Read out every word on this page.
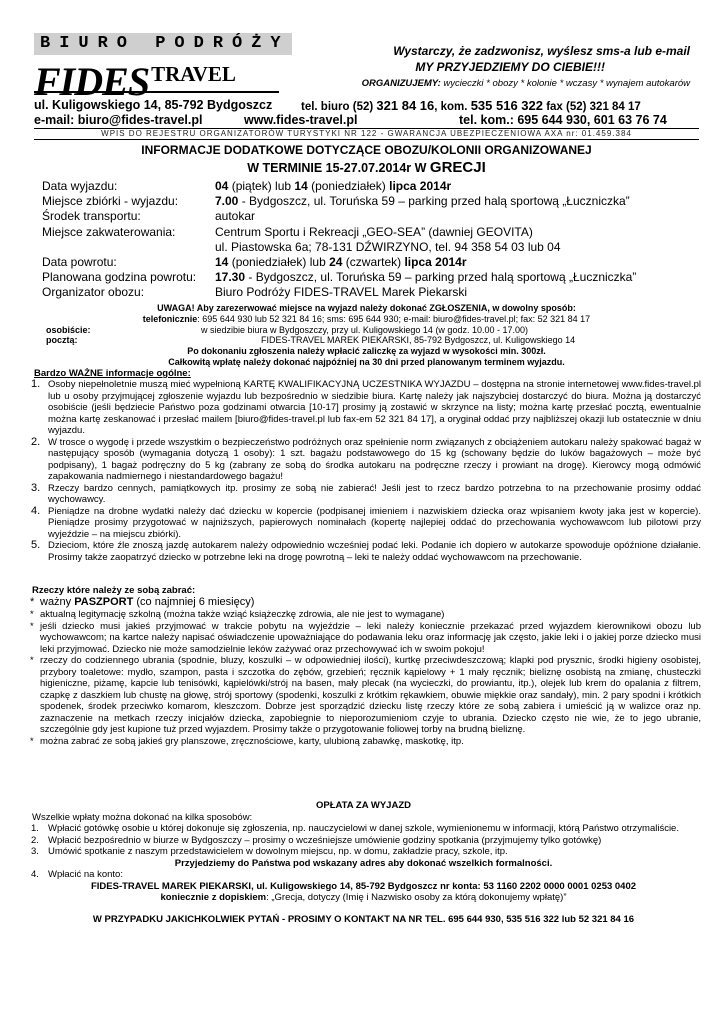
BIURO PODRÓŻY
FIDESTRAVEL
Wystarczy, że zadzwonisz, wyślesz sms-a lub e-mail
MY PRZYJEDZIEMY DO CIEBIE!!!
ORGANIZUJEMY: wycieczki * obozy * kolonie * wczasy * wynajem autokarów
ul. Kuligowskiego 14, 85-792 Bydgoszcz tel. biuro (52) 321 84 16, kom. 535 516 322 fax (52) 321 84 17
e-mail: biuro@fides-travel.pl	www.fides-travel.pl	tel. kom.: 695 644 930, 601 63 76 74
WPIS DO REJESTRU ORGANIZATORÓW TURYSTYKI NR 122 - GWARANCJA UBEZPIECZENIOWA AXA nr: 01.459.384
INFORMACJE DODATKOWE DOTYCZĄCE OBOZU/KOLONII ORGANIZOWANEJ
W TERMINIE 15-27.07.2014r W GRECJI
Data wyjazdu:	04 (piątek) lub 14 (poniedziałek) lipca 2014r
Miejsce zbiórki - wyjazdu:	7.00 - Bydgoszcz, ul. Toruńska 59 – parking przed halą sportową „Łuczniczka”
Środek transportu:	autokar
Miejsce zakwaterowania:	Centrum Sportu i Rekreacji „GEO-SEA” (dawniej GEOVITA)
ul. Piastowska 6a; 78-131 DŹWIRZYNO, tel. 94 358 54 03 lub 04
Data powrotu:	14 (poniedziałek) lub 24 (czwartek) lipca 2014r
Planowana godzina powrotu:	17.30 - Bydgoszcz, ul. Toruńska 59 – parking przed halą sportową „Łuczniczka”
Organizator obozu:	Biuro Podróży FIDES-TRAVEL Marek Piekarski
UWAGA! Aby zarezerwować miejsce na wyjazd należy dokonać ZGŁOSZENIA, w dowolny sposób:
telefonicznie: 695 644 930 lub 52 321 84 16; sms: 695 644 930; e-mail: biuro@fides-travel.pl; fax: 52 321 84 17
osobiście:	w siedzibie biura w Bydgoszczy, przy ul. Kuligowskiego 14 (w godz. 10.00 - 17.00)
pocztą:	FIDES-TRAVEL MAREK PIEKARSKI, 85-792 Bydgoszcz, ul. Kuligowskiego 14
Po dokonaniu zgłoszenia należy wpłacić zaliczkę za wyjazd w wysokości min. 300zł.
Całkowitą wpłatę należy dokonać najpóźniej na 30 dni przed planowanym terminem wyjazdu.
Bardzo WAŻNE informacje ogólne:
1. Osoby niepełnoletnie muszą mieć wypełnioną KARTĘ KWALIFIKACYJNĄ UCZESTNIKA WYJAZDU – dostępna na stronie internetowej www.fides-travel.pl lub u osoby przyjmującej zgłoszenie wyjazdu lub bezpośrednio w siedzibie biura. Kartę należy jak najszybciej dostarczyć do biura. Można ją dostarczyć osobiście (jeśli będziecie Państwo poza godzinami otwarcia [10-17] prosimy ją zostawić w skrzynce na listy; można kartę przesłać pocztą, ewentualnie można kartę zeskanować i przesłać mailem [biuro@fides-travel.pl lub fax-em 52 321 84 17], a oryginał oddać przy najbliższej okazji lub ostatecznie w dniu wyjazdu.
2. W trosce o wygodę i przede wszystkim o bezpieczeństwo podróżnych oraz spełnienie norm związanych z obciążeniem autokaru należy spakować bagaż w następujący sposób (wymagania dotyczą 1 osoby): 1 szt. bagażu podstawowego do 15 kg (schowany będzie do luków bagażowych – może być podpisany), 1 bagaż podręczny do 5 kg (zabrany ze sobą do środka autokaru na podręczne rzeczy i prowiant na drogę). Kierowcy mogą odmówić zapakowania nadmiernego i niestandardowego bagażu!
3. Rzeczy bardzo cennych, pamiątkowych itp. prosimy ze sobą nie zabierać! Jeśli jest to rzecz bardzo potrzebna to na przechowanie prosimy oddać wychowawcy.
4. Pieniądze na drobne wydatki należy dać dziecku w kopercie (podpisanej imieniem i nazwiskiem dziecka oraz wpisaniem kwoty jaka jest w kopercie). Pieniądze prosimy przygotować w najniższych, papierowych nominałach (kopertę najlepiej oddać do przechowania wychowawcom lub pilotowi przy wyjeździe – na miejscu zbiórki).
5. Dzieciom, które źle znoszą jazdę autokarem należy odpowiednio wcześniej podać leki. Podanie ich dopiero w autokarze spowoduje opóźnione działanie. Prosimy także zaopatrzyć dziecko w potrzebne leki na drogę powrotną – leki te należy oddać wychowawcom na przechowanie.
Rzeczy które należy ze sobą zabrać:
* ważny PASZPORT (co najmniej 6 miesięcy)
* aktualną legitymację szkolną (można także wziąć książeczkę zdrowia, ale nie jest to wymagane)
* jeśli dziecko musi jakieś przyjmować w trakcie pobytu na wyjeździe – leki należy koniecznie przekazać przed wyjazdem kierownikowi obozu lub wychowawcom; na kartce należy napisać oświadczenie upoważniające do podawania leku oraz informację jak często, jakie leki i o jakiej porze dziecko musi leki przyjmować. Dziecko nie może samodzielnie leków zażywać oraz przechowywać ich w swoim pokoju!
* rzeczy do codziennego ubrania (spodnie, bluzy, koszulki – w odpowiedniej ilości), kurtkę przeciwdeszczową; klapki pod prysznic, środki higieny osobistej, przybory toaletowe: mydło, szampon, pasta i szczotka do zębów, grzebień; ręcznik kąpielowy + 1 mały ręcznik; bieliznę osobistą na zmianę, chusteczki higieniczne, piżamę, kapcie lub tenisówki, kąpielówki/strój na basen, mały plecak (na wycieczki, do prowiantu, itp.), olejek lub krem do opalania z filtrem, czapkę z daszkiem lub chustę na głowę, strój sportowy (spodenki, koszulki z krótkim rękawkiem, obuwie miękkie oraz sandały), min. 2 pary spodni i krótkich spodenek, środek przeciwko komarom, kleszczom. Dobrze jest sporządzić dziecku listę rzeczy które ze sobą zabiera i umieścić ją w walizce oraz np. zaznaczenie na metkach rzeczy inicjałów dziecka, zapobiegnie to nieporozumieniom czyje to ubrania. Dziecko często nie wie, że to jego ubranie, szczególnie gdy jest kupione tuż przed wyjazdem. Prosimy także o przygotowanie foliowej torby na brudną bieliznę.
* można zabrać ze sobą jakieś gry planszowe, zręcznościowe, karty, ulubioną zabawkę, maskotkę, itp.
OPŁATA ZA WYJAZD
Wszelkie wpłaty można dokonać na kilka sposobów:
1. Wpłacić gotówkę osobie u której dokonuje się zgłoszenia, np. nauczycielowi w danej szkole, wymienionemu w informacji, którą Państwo otrzymaliście.
2. Wpłacić bezpośrednio w biurze w Bydgoszczy – prosimy o wcześniejsze umówienie godziny spotkania (przyjmujemy tylko gotówkę)
3. Umówić spotkanie z naszym przedstawicielem w dowolnym miejscu, np. w domu, zakładzie pracy, szkole, itp.
Przyjedziemy do Państwa pod wskazany adres aby dokonać wszelkich formalności.
4. Wpłacić na konto:
FIDES-TRAVEL MAREK PIEKARSKI, ul. Kuligowskiego 14, 85-792 Bydgoszcz nr konta: 53 1160 2202 0000 0001 0253 0402
koniecznie z dopiskiem: „Grecja, dotyczy (Imię i Nazwisko osoby za którą dokonujemy wpłatę)”
W PRZYPADKU JAKICHKOLWIEK PYTAŃ - PROSIMY O KONTAKT NA NR TEL. 695 644 930, 535 516 322 lub 52 321 84 16
